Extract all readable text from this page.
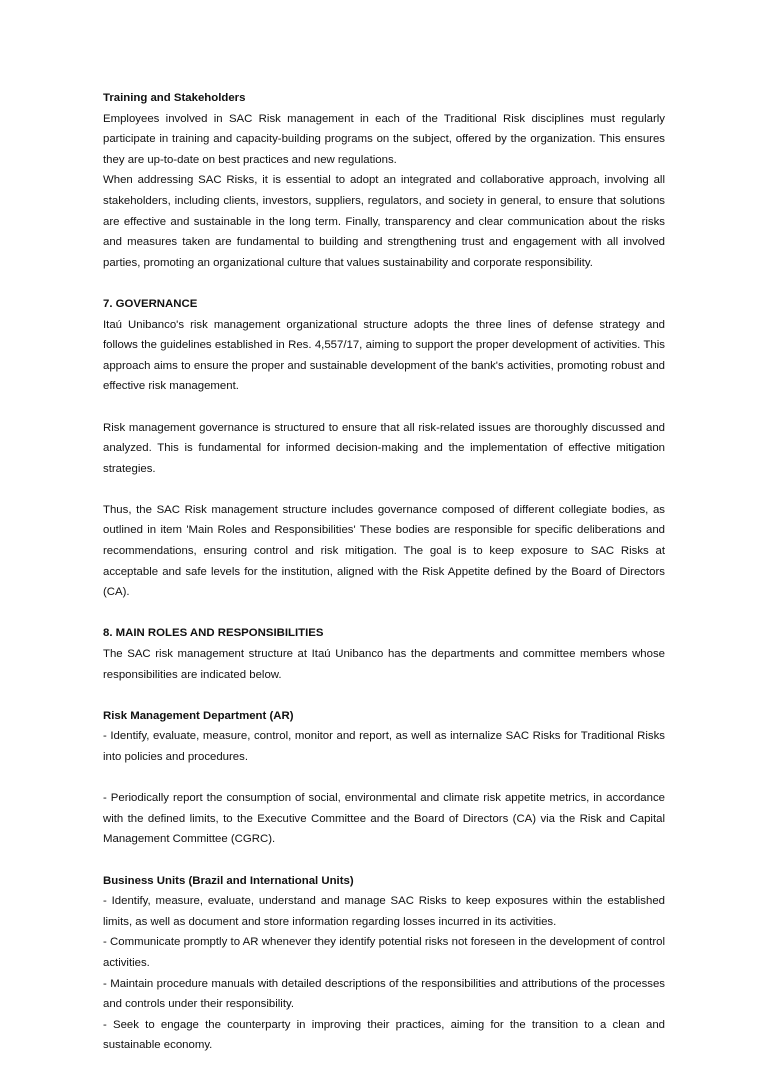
Training and Stakeholders

Employees involved in SAC Risk management in each of the Traditional Risk disciplines must regularly participate in training and capacity-building programs on the subject, offered by the organization. This ensures they are up-to-date on best practices and new regulations.

When addressing SAC Risks, it is essential to adopt an integrated and collaborative approach, involving all stakeholders, including clients, investors, suppliers, regulators, and society in general, to ensure that solutions are effective and sustainable in the long term. Finally, transparency and clear communication about the risks and measures taken are fundamental to building and strengthening trust and engagement with all involved parties, promoting an organizational culture that values sustainability and corporate responsibility.

7. GOVERNANCE

Itaú Unibanco's risk management organizational structure adopts the three lines of defense strategy and follows the guidelines established in Res. 4,557/17, aiming to support the proper development of activities. This approach aims to ensure the proper and sustainable development of the bank's activities, promoting robust and effective risk management.

Risk management governance is structured to ensure that all risk-related issues are thoroughly discussed and analyzed. This is fundamental for informed decision-making and the implementation of effective mitigation strategies.

Thus, the SAC Risk management structure includes governance composed of different collegiate bodies, as outlined in item 'Main Roles and Responsibilities' These bodies are responsible for specific deliberations and recommendations, ensuring control and risk mitigation. The goal is to keep exposure to SAC Risks at acceptable and safe levels for the institution, aligned with the Risk Appetite defined by the Board of Directors (CA).

8. MAIN ROLES AND RESPONSIBILITIES

The SAC risk management structure at Itaú Unibanco has the departments and committee members whose responsibilities are indicated below.

Risk Management Department (AR)

- Identify, evaluate, measure, control, monitor and report, as well as internalize SAC Risks for Traditional Risks into policies and procedures.

- Periodically report the consumption of social, environmental and climate risk appetite metrics, in accordance with the defined limits, to the Executive Committee and the Board of Directors (CA) via the Risk and Capital Management Committee (CGRC).

Business Units (Brazil and International Units)

- Identify, measure, evaluate, understand and manage SAC Risks to keep exposures within the established limits, as well as document and store information regarding losses incurred in its activities.

- Communicate promptly to AR whenever they identify potential risks not foreseen in the development of control activities.

- Maintain procedure manuals with detailed descriptions of the responsibilities and attributions of the processes and controls under their responsibility.

- Seek to engage the counterparty in improving their practices, aiming for the transition to a clean and sustainable economy.
